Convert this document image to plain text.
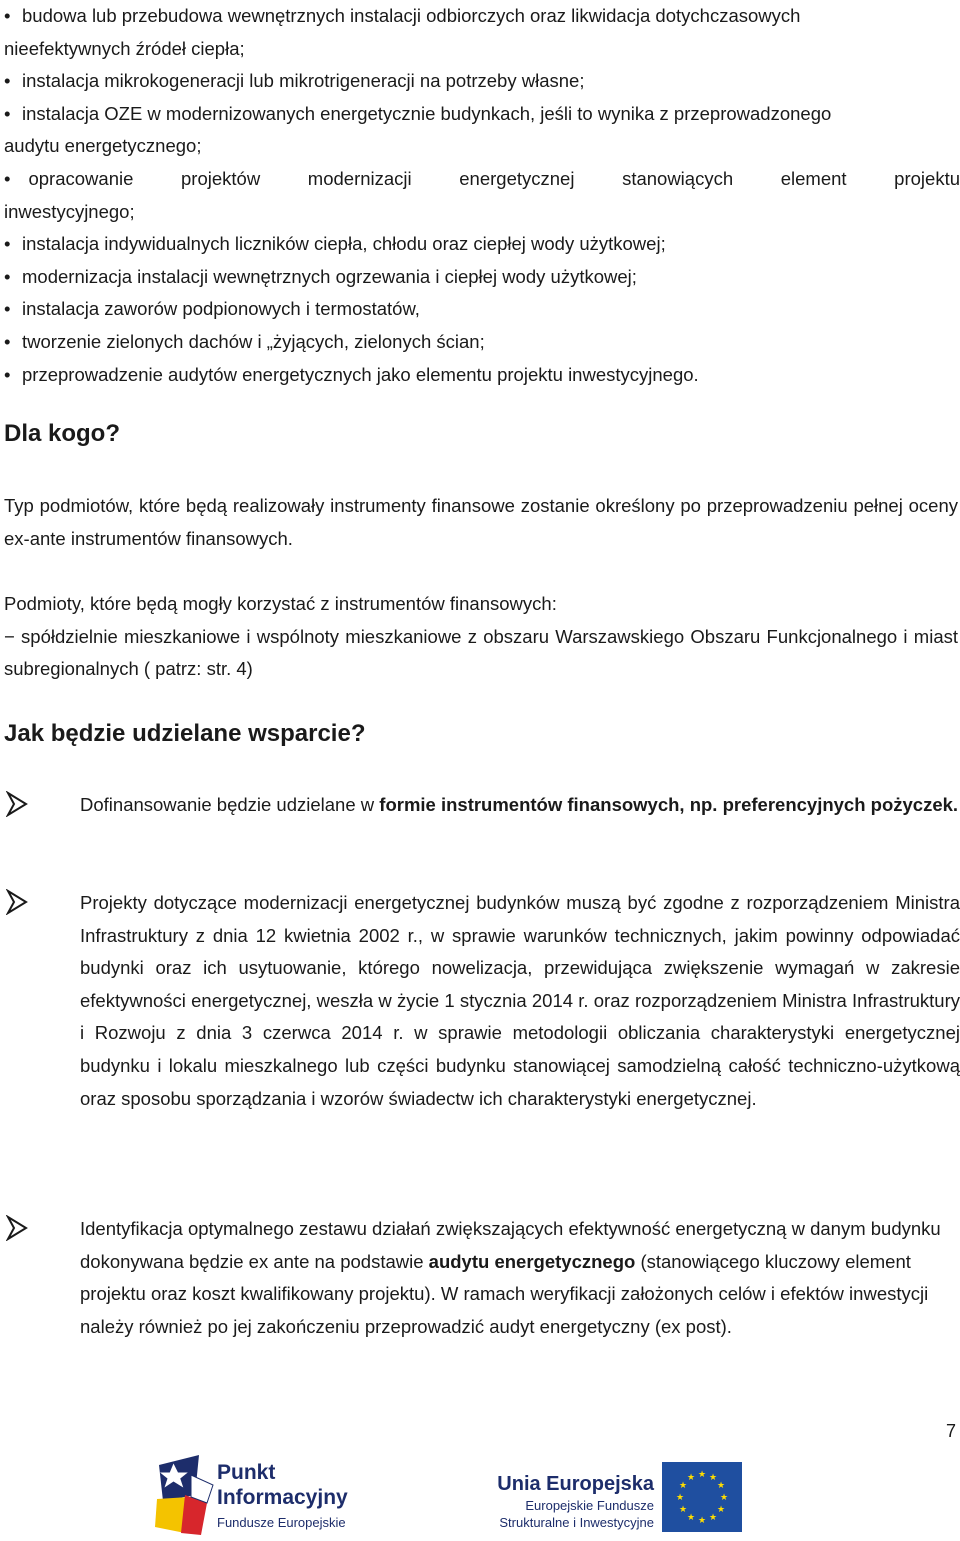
• budowa lub przebudowa wewnętrznych instalacji odbiorczych oraz likwidacja dotychczasowych
nieefektywnych źródeł ciepła;
• instalacja mikrokogeneracji lub mikrotrigeneracji na potrzeby własne;
• instalacja OZE w modernizowanych energetycznie budynkach, jeśli to wynika z przeprowadzonego
audytu energetycznego;
• opracowanie projektów modernizacji energetycznej stanowiących element projektu
inwestycyjnego;
• instalacja indywidualnych liczników ciepła, chłodu oraz ciepłej wody użytkowej;
• modernizacja instalacji wewnętrznych ogrzewania i ciepłej wody użytkowej;
• instalacja zaworów podpionowych i termostatów,
• tworzenie zielonych dachów i „żyjących, zielonych ścian;
• przeprowadzenie audytów energetycznych jako elementu projektu inwestycyjnego.
Dla kogo?

Typ podmiotów, które będą realizowały instrumenty finansowe zostanie określony po przeprowadzeniu pełnej oceny ex-ante instrumentów finansowych.

Podmioty, które będą mogły korzystać z instrumentów finansowych:
− spółdzielnie mieszkaniowe i wspólnoty mieszkaniowe z obszaru Warszawskiego Obszaru Funkcjonalnego i miast subregionalnych ( patrz: str. 4)
Jak będzie udzielane wsparcie?
Dofinansowanie będzie udzielane w formie instrumentów finansowych, np. preferencyjnych pożyczek.
Projekty dotyczące modernizacji energetycznej budynków muszą być zgodne z rozporządzeniem Ministra Infrastruktury z dnia 12 kwietnia 2002 r., w sprawie warunków technicznych, jakim powinny odpowiadać budynki oraz ich usytuowanie, którego nowelizacja, przewidująca zwiększenie wymagań w zakresie efektywności energetycznej, weszła w życie 1 stycznia 2014 r. oraz rozporządzeniem Ministra Infrastruktury i Rozwoju z dnia 3 czerwca 2014 r. w sprawie metodologii obliczania charakterystyki energetycznej budynku i lokalu mieszkalnego lub części budynku stanowiącej samodzielną całość techniczno-użytkową oraz sposobu sporządzania i wzorów świadectw ich charakterystyki energetycznej.
Identyfikacja optymalnego zestawu działań zwiększających efektywność energetyczną w danym budynku dokonywana będzie ex ante na podstawie audytu energetycznego (stanowiącego kluczowy element projektu oraz koszt kwalifikowany projektu). W ramach weryfikacji założonych celów i efektów inwestycji należy również po jej zakończeniu przeprowadzić audyt energetyczny (ex post).
7
Punkt
Informacyjny
Fundusze Europejskie
Unia Europejska
Europejskie Fundusze
Strukturalne i Inwestycyjne
★ ★
★
★
★
★
★
★
★
★
★
★
